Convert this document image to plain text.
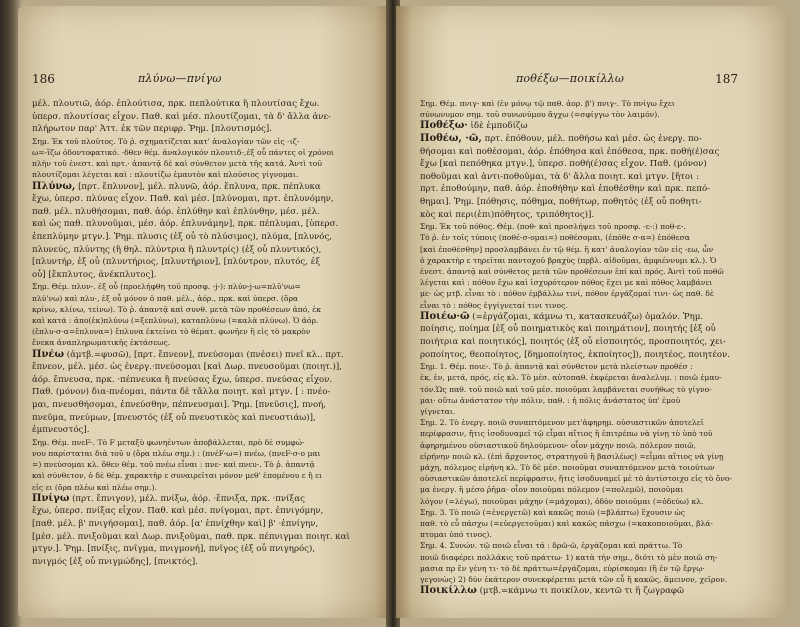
186	πλύνω—πνίγω
μέλ. πλουτιῶ, ἀόρ. ἐπλούτισα, πρκ. πεπλούτικα ἢ πλουτίσας ἔχω.
ὑπερσ. πλουτίσας εἶχον. Παθ. καὶ μέσ. πλουτίζομαι, τὰ δ' ἄλλα ἀνε-
πλήρωτον παρ' Ἀττ. ἐκ τῶν περιφρ. Ῥημ. [πλουτισμός].
Σημ. Ἐκ τοῦ πλοῦτος. Τὸ ῥ. σχηματίζεται κατ' ἀναλογίαν τῶν εἰς -ιζ-
ω=-ἴζω ὀδοντοφατικό. ·δθεν θέμ. ἀναλογικόν πλουτιδ-,ἐξ οὗ πάντες οἱ χρόνοι
πλὴν τοῦ ἐνεστ. καὶ πρτ.· ἀπαντᾷ δὲ καὶ σύνθετον μετὰ τῆς κατά. Ἀντὶ τοῦ
πλουτίζομαι λέγεται καὶ : πλουτίζω ἐμαυτὸν καὶ πλούσιος γίγνομαι.
Πλύνω, [πρτ. ἔπλυνον], μέλ. πλυνῶ, ἀόρ. ἔπλυνα, πρκ. πέπλυκα
ἔχω, ὑπερσ. πλύνας εἶχον. Παθ. καὶ μέσ. [πλύνομαι, πρτ. ἐπλυνόμην,
παθ. μέλ. πλυθήσομαι, παθ. ἀόρ. ἐπλύθην καὶ ἐπλύνθην, μέσ. μέλ.
καὶ ὡς παθ. πλυνοῦμαι, μέσ. ἀόρ. ἐπλυνάμην], πρκ. πέπλυμαι, [ὑπερσ.
ἐπεπλύμην μτγν.]. Ῥημ. πλυσις (ἐξ οὗ τὸ πλύσιμος), πλύμα, [πλυνός,
πλυνεύς, πλύντης (ἢ θηλ. πλύντρια ἢ πλυντρίς) (ἐξ οὗ πλυντικός),
[πλυντήρ, ἐξ οὗ (πλυντήριος, [πλυντήριον], [πλύντρον, πλυτός, ἐξ
οὗ] [ἔκπλυτος, ἀνέκπλυτος].
Σημ. Θέμ. πλυν-. ἐξ οὗ (προελήφθη τοῦ προσφ. -j-): πλύν-j-ω=πλῦ'νω=
πλύ'νω) καὶ πλυ-, ἐξ οὗ μόνον ὁ παθ. μέλ., ἀόρ., πρκ. καὶ ὑπερσ. (ὅρα
κρίνω, κλίνω, τείνω). Τὸ ῥ. ἀπαντᾷ καὶ συνθ. μετὰ τῶν προθέσεων ἀπό, ἐκ
καὶ κατά : ἀπο(ἐκ)πλύνω (=ξεπλύνω), καταπλύνω (=καλὰ πλύνω). Ὁ ἀόρ.
(ἔπλυ-σ-α=ἔπλυνα=) ἔπλυνα ἐκτείνει τὸ θέματ. φωνῆεν ἢ εἰς τὸ μακρὸν
ἕνεκα ἀναπληρωματικῆς ἐκτάσεως.
Πνέω (ἀμτβ.=φυσῶ), [πρτ. ἔπνεον], πνεύσομαι (πνέσει) πνεῖ κλ.. πρτ.
ἔπνεον, μέλ. μέσ. ὡς ἐνεργ.·πνεύσομαι [καὶ Δωρ. πνευσοῦμαι (ποιητ.)],
ἀόρ. ἔπνευσα, πρκ. ·πέπνευκα ἢ πνεύσας ἔχω, ὑπερσ. πνεύσας εἶχον.
Παθ. (μόνον) δια-πνέομαι, πάντα δὲ τἄλλα ποιητ. καὶ μτγν. [ : πνέο-
μαι, πνευσθήσομαι, ἐπνεύσθην, πέπνευσμαι]. Ῥημ. [πνεῦσις], πνοή,
πνεῦμα, πνεύμων, [πνευστός (ἐξ οὗ πνευστικὸς καὶ πνευστιάω)],
ἐμπνευστός].
Σημ. Θέμ. πνεF-. Τὸ F μεταξὺ φωνηέντων ἀποβάλλεται, πρὸ δὲ συμφώ-
νου παρίσταται διὰ τοῦ υ (ὅρα πλέω σημ.) : (πνέF-ω=) πνέω, (πνεF-σ-ο μαι
=) πνεύσομαι κλ. ὅθεν θέμ. τοῦ πνέω εἶναι : πνε- καὶ πνευ-. Τὸ ῥ. ἀπαντᾷ
καὶ σύνθετον, ὁ δὲ θέμ. χαρακτὴρ ε συναιρεῖται μόνον μεθ' ἑπομένου ε ἢ ει
εἰς ει (ὅρα πλέω καὶ πλέω σημ.).
Πνίγω (πρτ. ἔπνιγον), μέλ. πνίξω, ἀόρ. ·ἔπνιξα, πρκ. ·πνίξας
ἔχω, ὑπερσ. πνίξας εἶχον. Παθ. καὶ μέσ. πνίγομαι, πρτ. ἐπνιγόμην,
[παθ. μέλ. β' πνιγήσομαι], παθ. ἀόρ. [α' ἐπνίχθην καὶ] β' ·ἐπνίγην,
[μέσ. μέλ. πνιξοῦμαι καὶ Δωρ. πνιξοῦμαι, παθ. πρκ. πέπνιγμαι ποιητ. καὶ
μτγν.]. Ῥημ. [πνίξις, πνῖγμα, πνιγμονή], πνῖγος (ἐξ οὗ πνιγηρός),
πνιγμός [ἐξ οὗ πνιγμώδης], [πνικτός].
ποθέξω—ποικίλλω	187
Σημ. Θέμ. πνιγ- καὶ (ἐν μόνῳ τῷ παθ. ἀορ. β') πνιγ-. Τὸ πνίγω ἔχει
σύνωνυμον σημ. τοῦ συνωνύμου ἄγχω (=σφίγγω τὸν λαιμόν).
Ποθέξω· ἰδὲ ἐμποδίζω
Ποθέω, ·ῶ, πρτ. ἐπόθουν, μέλ. ποθήσω καὶ μέσ. ὡς ἐνεργ. πο-
θήσομαι καὶ ποθέσομαι, ἀόρ. ἐπόθησα καὶ ἐπόθεσα, πρκ. ποθή(έ)σας
ἔχω [καὶ πεπόθηκα μτγν.], ὑπερσ. ποθή(έ)σας εἶχον. Παθ. (μόνον)
ποθοῦμαι καὶ ἀντι-ποθοῦμαι, τὰ δ' ἄλλα ποιητ. καὶ μτγν. [ἤτοι :
πρτ. ἐποθούμην, παθ. ἀόρ. ἐποθήθην καὶ ἐποθέσθην καὶ πρκ. πεπό-
θημαι]. Ῥημ. [πόθησις, πόθημα, ποθήτωρ, ποθητός (ἐξ οὗ ποθητι-
κὸς καὶ περι(ἐπι)πόθητος, τριπόθητος)].
Σημ. Ἐκ τοῦ πόθος. Θέμ. (ποθ- καὶ προσλήψει τοῦ προσφ. -ε-:) ποθ-ε-.
Τὸ ῥ. ἐν τοῖς τύποις (ποθέ-σ-ομαι=) ποθέσομαι, (ἐπόθε σ-α=) ἐπόθεσα
[καὶ ἐποθέσθην] προσλαμβάνει ἐν τῷ θέμ. ἢ κατ' ἀναλογίαν τῶν εἰς -εω, ὧν
ὁ χαρακτὴρ ε τηρεῖται παντοχοῦ βραχὺς (πρβλ. αἰδοῦμαι, ἀμφιέννυμι κλ.). Ὁ
ἐνεστ. ἀπαντᾷ καὶ σύνθετος μετὰ τῶν προθέσεων ἐπί καὶ πρός. Ἀντὶ τοῦ ποθῶ
λέγεται καὶ : πόθον ἔχω καὶ ἰσχυρότερον πόθος ἔχει με καὶ πόθος λαμβάνει
με· ὡς μτβ. εἶναι τὸ : πόθον ἐμβάλλω τινί, πόθον ἐργάζομαί τινι· ὡς παθ. δὲ
εἶναι τὸ : πόθος ἐγγίγνεταί τινι τινος.
Ποιέω·ῶ (=ἐργάζομαι, κάμνω τι, κατασκευάζω) ὁμαλόν. Ῥημ.
ποίησις, ποίημα [ἐξ οὗ ποιηματικὸς καὶ ποιημάτιον], ποιητής [ἐξ οὗ
ποιήτρια καὶ ποιητικός], ποιητός (ἐξ οὗ εἰσποιητός, προσποιητός, χει-
ροποίητος, θεοποίητος, [δημοποίητος, ἐκποίητος]), ποιητέος, ποιητέον.
Σημ. 1. Θέμ. ποιε-. Τὸ ῥ. ἀπαντᾷ καὶ σύνθετον μετὰ πλείστων προθέσ :
ἐκ, ἐν, μετά, πρός, εἰς κλ. Τὸ μέσ. αὐτοπαθ. ἐκφέρεται ἀναλελυμ. : ποιῶ ἐμαυ-
τόν.Ὡς παθ. τοῦ ποιῶ καὶ τοῦ μέσ. ποιοῦμαι λαμβάνεται συνήθως τὸ γίγνο-
μαι· οὕτω ἀνάστατον τὴν πόλιν, παθ. : ἡ πόλις ἀνάστατος ὑπ' ἐμοῦ
γίγνεται.
Σημ. 2. Τὸ ἐνεργ. ποιῶ συναπτόμενον μετ'ἀφηρημ. οὐσιαστικῶν ἀποτελεῖ
περίφρασιν, ἥτις ἰσοδυναμεῖ τῷ εἶμαι αἴτιος ἢ ἐπιτρέπω νὰ γίνῃ τὸ ὑπὸ τοῦ
ἀφηρημένου οὐσιαστικοῦ δηλούμενον· οἷον μάχην ποιῶ, πόλεμον ποιῶ,
εἰρήνην ποιῶ κλ. (ἐπὶ ἄρχοντος, στρατηγοῦ ἢ βασιλέως) =εἶμαι αἴτιος νὰ γίνῃ
μάχη, πόλεμος εἰρήνη κλ. Τὸ δὲ μέσ. ποιοῦμαι συναπτόμενον μετὰ τοιούτων
οὐσιαστικῶν ἀποτελεῖ περίφρασιν, ἥτις ἰσοδυναμεῖ μὲ τὸ ἀντίστοιχο εἰς τὸ ὄνο-
μα ἐνεργ. ἢ μέσο ῥῆμα· οἷον ποιοῦμαι πόλεμον (=πολεμῶ), ποιοῦμαι
λόγον (=λέγω), ποιοῦμαι μάχην (=μάχομαι), ὁδὸν ποιοῦμαι (=ὁδεύω) κλ.
Σημ. 3. Τὸ ποιῶ (=ἐνεργετῶ) καὶ κακῶς ποιῶ (=βλάπτω) ἔχουσιν ὡς
παθ. τὸ εὖ πάσχω (=εὐεργετοῦμαι) καὶ κακῶς πάσχω (=κακοποιοῦμαι, βλά-
πτομαι ὑπό τινος).
Σημ. 4. Συνών. τῷ ποιῶ εἶναι τά : δρῶ-ῶ, ἐργάζομαι καὶ πράττω. Τὸ
ποιῶ διαφέρει πολλάκις τοῦ πράττω· 1) κατὰ τὴν σημ., διότι τὸ μὲν ποιῶ ση-
μασια πρ ἔν γένη τι· τὸ δὲ πράττω=ἐργάζομαι, εὑρίσκομαι (ἢ ἐν τῷ ἔργῳ·
γεγονὼς) 2) δύν ἑκάτερον συνεκφέρεται μετὰ τῶν εὖ ἢ κακῶς, ἄμεινον, χεῖρον.
Ποικίλλω (μτβ.=κάμνω τι ποικίλον, κεντῶ τι ἢ ζωγραφῶ
